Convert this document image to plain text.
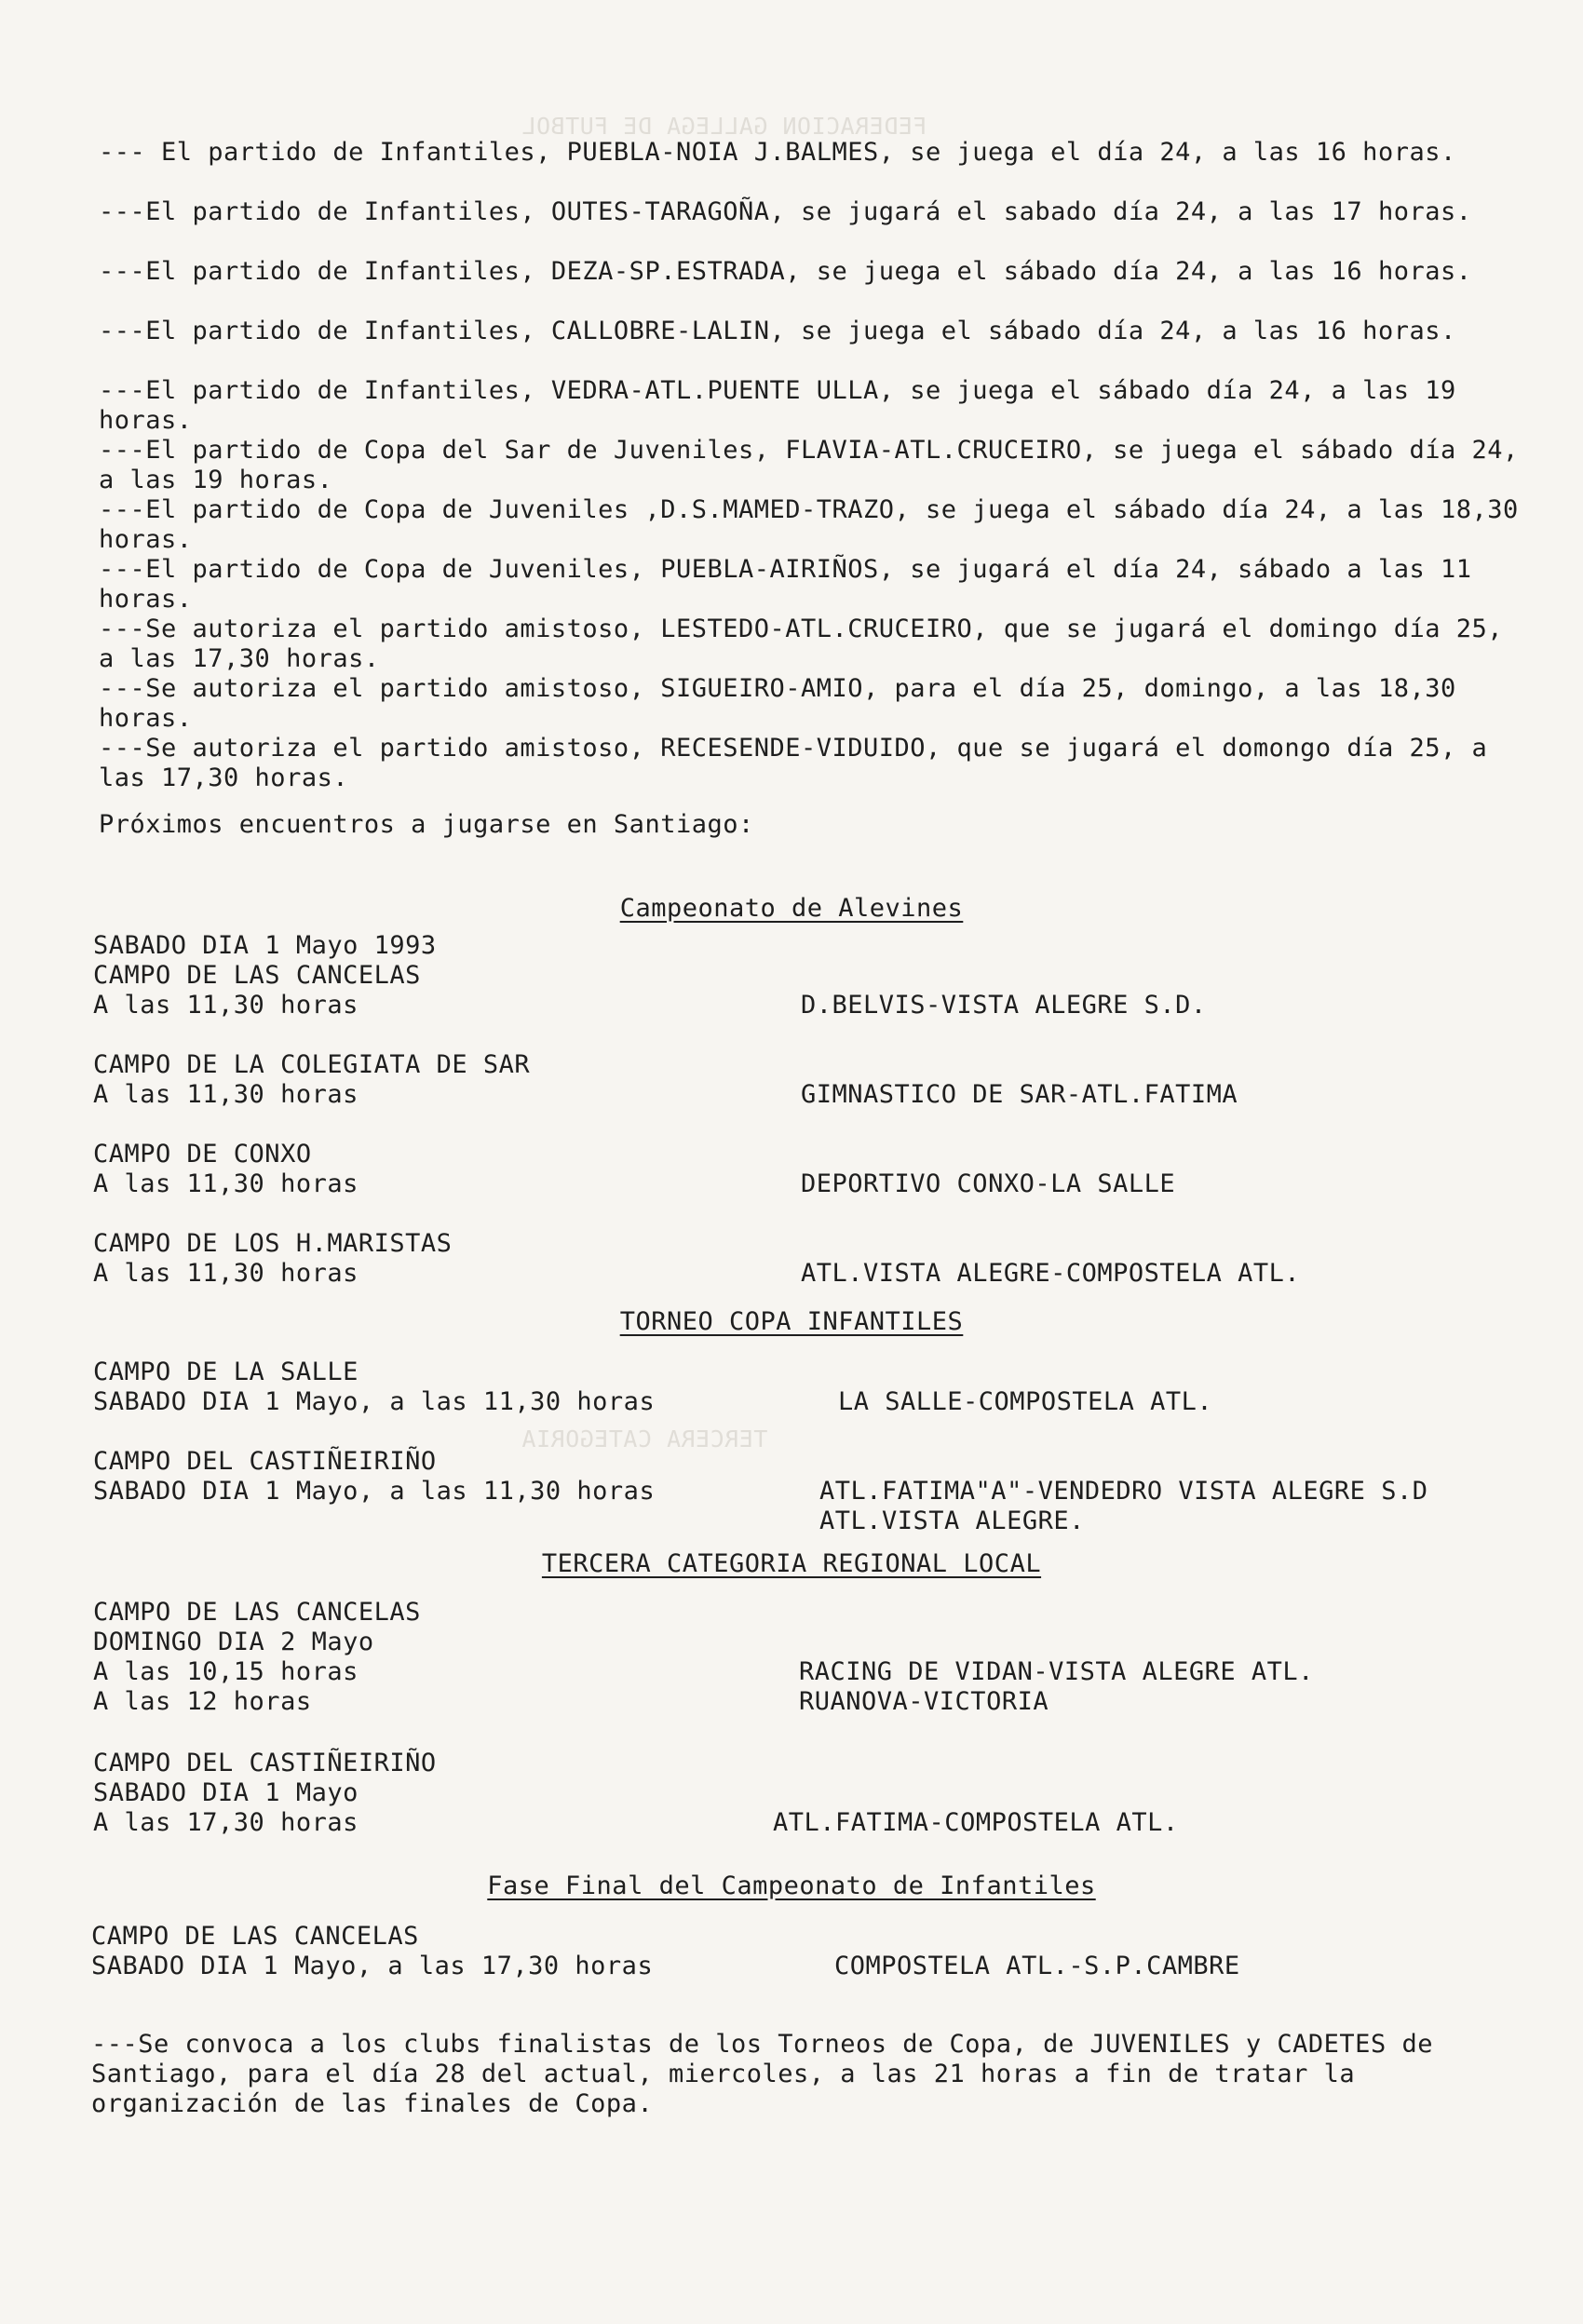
FEDERACION GALLEGA DE FUTBOL
TERCERA CATEGORIA

--- El partido de Infantiles, PUEBLA-NOIA J.BALMES, se juega el día 24, a las 16 horas.

---El partido de Infantiles, OUTES-TARAGOÑA, se jugará el sabado día 24, a las 17 horas.

---El partido de Infantiles, DEZA-SP.ESTRADA, se juega el sábado día 24, a las 16 horas.

---El partido de Infantiles, CALLOBRE-LALIN, se juega el sábado día 24, a las 16 horas.

---El partido de Infantiles, VEDRA-ATL.PUENTE ULLA, se juega el sábado día 24, a las 19 horas.

---El partido de Copa del Sar de Juveniles, FLAVIA-ATL.CRUCEIRO, se juega el sábado día 24, a las 19 horas.

---El partido de Copa de Juveniles ,D.S.MAMED-TRAZO, se juega el sábado día 24, a las 18,30 horas.

---El partido de Copa de Juveniles, PUEBLA-AIRIÑOS, se jugará el día 24, sábado a las 11 horas.

---Se autoriza el partido amistoso, LESTEDO-ATL.CRUCEIRO, que se jugará el domingo día 25, a las 17,30 horas.

---Se autoriza el partido amistoso, SIGUEIRO-AMIO, para el día 25, domingo, a las 18,30 horas.

---Se autoriza el partido amistoso, RECESENDE-VIDUIDO, que se jugará el domongo día 25, a las 17,30 horas.

Próximos encuentros a jugarse en Santiago:

Campeonato de Alevines
SABADO DIA 1 Mayo 1993
CAMPO DE LAS CANCELAS
A las 11,30 horas	D.BELVIS-VISTA ALEGRE S.D.
CAMPO DE LA COLEGIATA DE SAR
A las 11,30 horas	GIMNASTICO DE SAR-ATL.FATIMA
CAMPO DE CONXO
A las 11,30 horas	DEPORTIVO CONXO-LA SALLE
CAMPO DE LOS H.MARISTAS
A las 11,30 horas	ATL.VISTA ALEGRE-COMPOSTELA ATL.
TORNEO COPA INFANTILES
CAMPO DE LA SALLE
SABADO DIA 1 Mayo, a las 11,30 horas	LA SALLE-COMPOSTELA ATL.
CAMPO DEL CASTIÑEIRIÑO
SABADO DIA 1 Mayo, a las 11,30 horas	ATL.FATIMA"A"-VENDEDRO VISTA ALEGRE S.D
ATL.VISTA ALEGRE.
TERCERA CATEGORIA REGIONAL LOCAL
CAMPO DE LAS CANCELAS
DOMINGO DIA 2 Mayo
A las 10,15 horas	RACING DE VIDAN-VISTA ALEGRE ATL.
A las 12 horas	RUANOVA-VICTORIA
CAMPO DEL CASTIÑEIRIÑO
SABADO DIA 1 Mayo
A las 17,30 horas	ATL.FATIMA-COMPOSTELA ATL.
Fase Final del Campeonato de Infantiles
CAMPO DE LAS CANCELAS
SABADO DIA 1 Mayo, a las 17,30 horas	COMPOSTELA ATL.-S.P.CAMBRE

---Se convoca a los clubs finalistas de los Torneos de Copa, de JUVENILES y CADETES de Santiago, para el día 28 del actual, miercoles, a las 21 horas a fin de tratar la organización de las finales de Copa.
